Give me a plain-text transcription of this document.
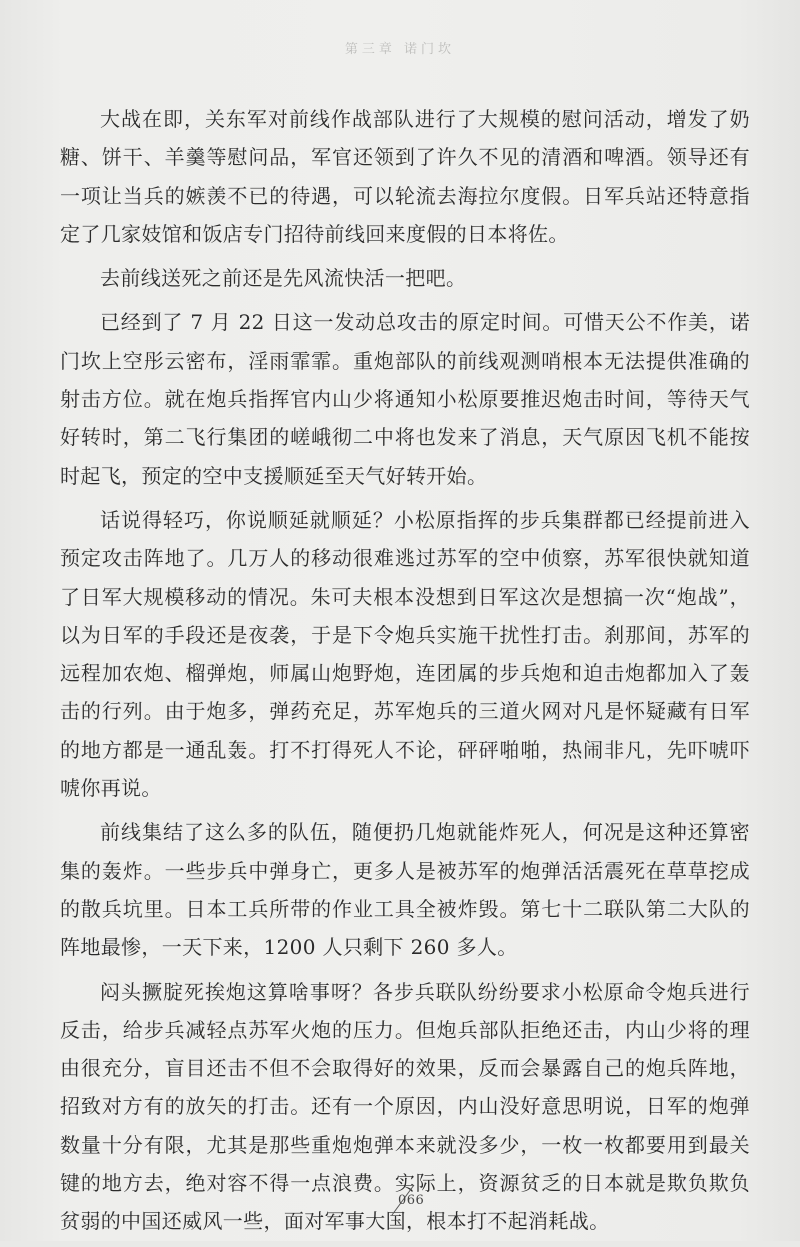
第三章 诺门坎

大战在即，关东军对前线作战部队进行了大规模的慰问活动，增发了奶糖、饼干、羊羹等慰问品，军官还领到了许久不见的清酒和啤酒。领导还有一项让当兵的嫉羡不已的待遇，可以轮流去海拉尔度假。日军兵站还特意指定了几家妓馆和饭店专门招待前线回来度假的日本将佐。

去前线送死之前还是先风流快活一把吧。

已经到了 7 月 22 日这一发动总攻击的原定时间。可惜天公不作美，诺门坎上空彤云密布，淫雨霏霏。重炮部队的前线观测哨根本无法提供准确的射击方位。就在炮兵指挥官内山少将通知小松原要推迟炮击时间，等待天气好转时，第二飞行集团的嵯峨彻二中将也发来了消息，天气原因飞机不能按时起飞，预定的空中支援顺延至天气好转开始。

话说得轻巧，你说顺延就顺延？小松原指挥的步兵集群都已经提前进入预定攻击阵地了。几万人的移动很难逃过苏军的空中侦察，苏军很快就知道了日军大规模移动的情况。朱可夫根本没想到日军这次是想搞一次“炮战”，以为日军的手段还是夜袭，于是下令炮兵实施干扰性打击。刹那间，苏军的远程加农炮、榴弹炮，师属山炮野炮，连团属的步兵炮和迫击炮都加入了轰击的行列。由于炮多，弹药充足，苏军炮兵的三道火网对凡是怀疑藏有日军的地方都是一通乱轰。打不打得死人不论，砰砰啪啪，热闹非凡，先吓唬吓唬你再说。

前线集结了这么多的队伍，随便扔几炮就能炸死人，何况是这种还算密集的轰炸。一些步兵中弹身亡，更多人是被苏军的炮弹活活震死在草草挖成的散兵坑里。日本工兵所带的作业工具全被炸毁。第七十二联队第二大队的阵地最惨，一天下来，1200 人只剩下 260 多人。

闷头撅腚死挨炮这算啥事呀？各步兵联队纷纷要求小松原命令炮兵进行反击，给步兵减轻点苏军火炮的压力。但炮兵部队拒绝还击，内山少将的理由很充分，盲目还击不但不会取得好的效果，反而会暴露自己的炮兵阵地，招致对方有的放矢的打击。还有一个原因，内山没好意思明说，日军的炮弹数量十分有限，尤其是那些重炮炮弹本来就没多少，一枚一枚都要用到最关键的地方去，绝对容不得一点浪费。实际上，资源贫乏的日本就是欺负欺负贫弱的中国还威风一些，面对军事大国，根本打不起消耗战。

066
